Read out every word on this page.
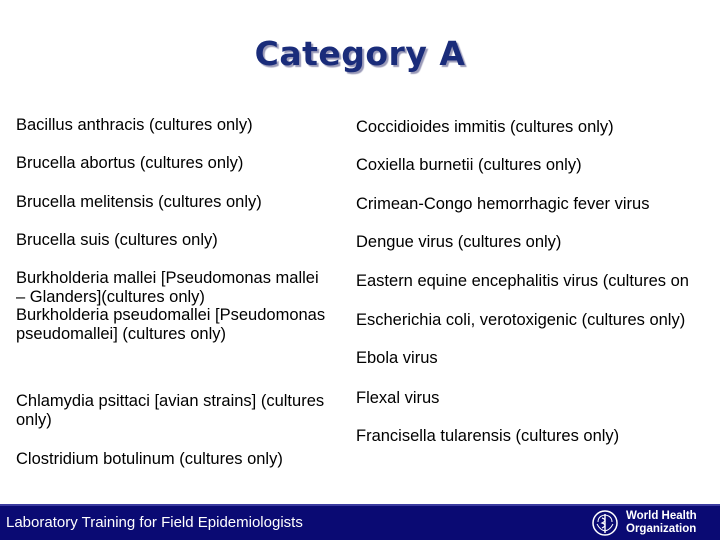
Category A
Bacillus anthracis (cultures only)
Brucella abortus (cultures only)
Brucella melitensis (cultures only)
Brucella suis (cultures only)
Burkholderia mallei [Pseudomonas mallei
– Glanders](cultures only)
Burkholderia pseudomallei [Pseudomonas
pseudomallei] (cultures only)
Chlamydia psittaci [avian strains] (cultures
only)
Clostridium botulinum (cultures only)
Coccidioides immitis (cultures only)
Coxiella burnetii (cultures only)
Crimean-Congo hemorrhagic fever virus
Dengue virus (cultures only)
Eastern equine encephalitis virus (cultures on
Escherichia coli, verotoxigenic (cultures only)
Ebola virus
Flexal virus
Francisella tularensis (cultures only)
Laboratory Training for Field Epidemiologists	World Health
Organization
